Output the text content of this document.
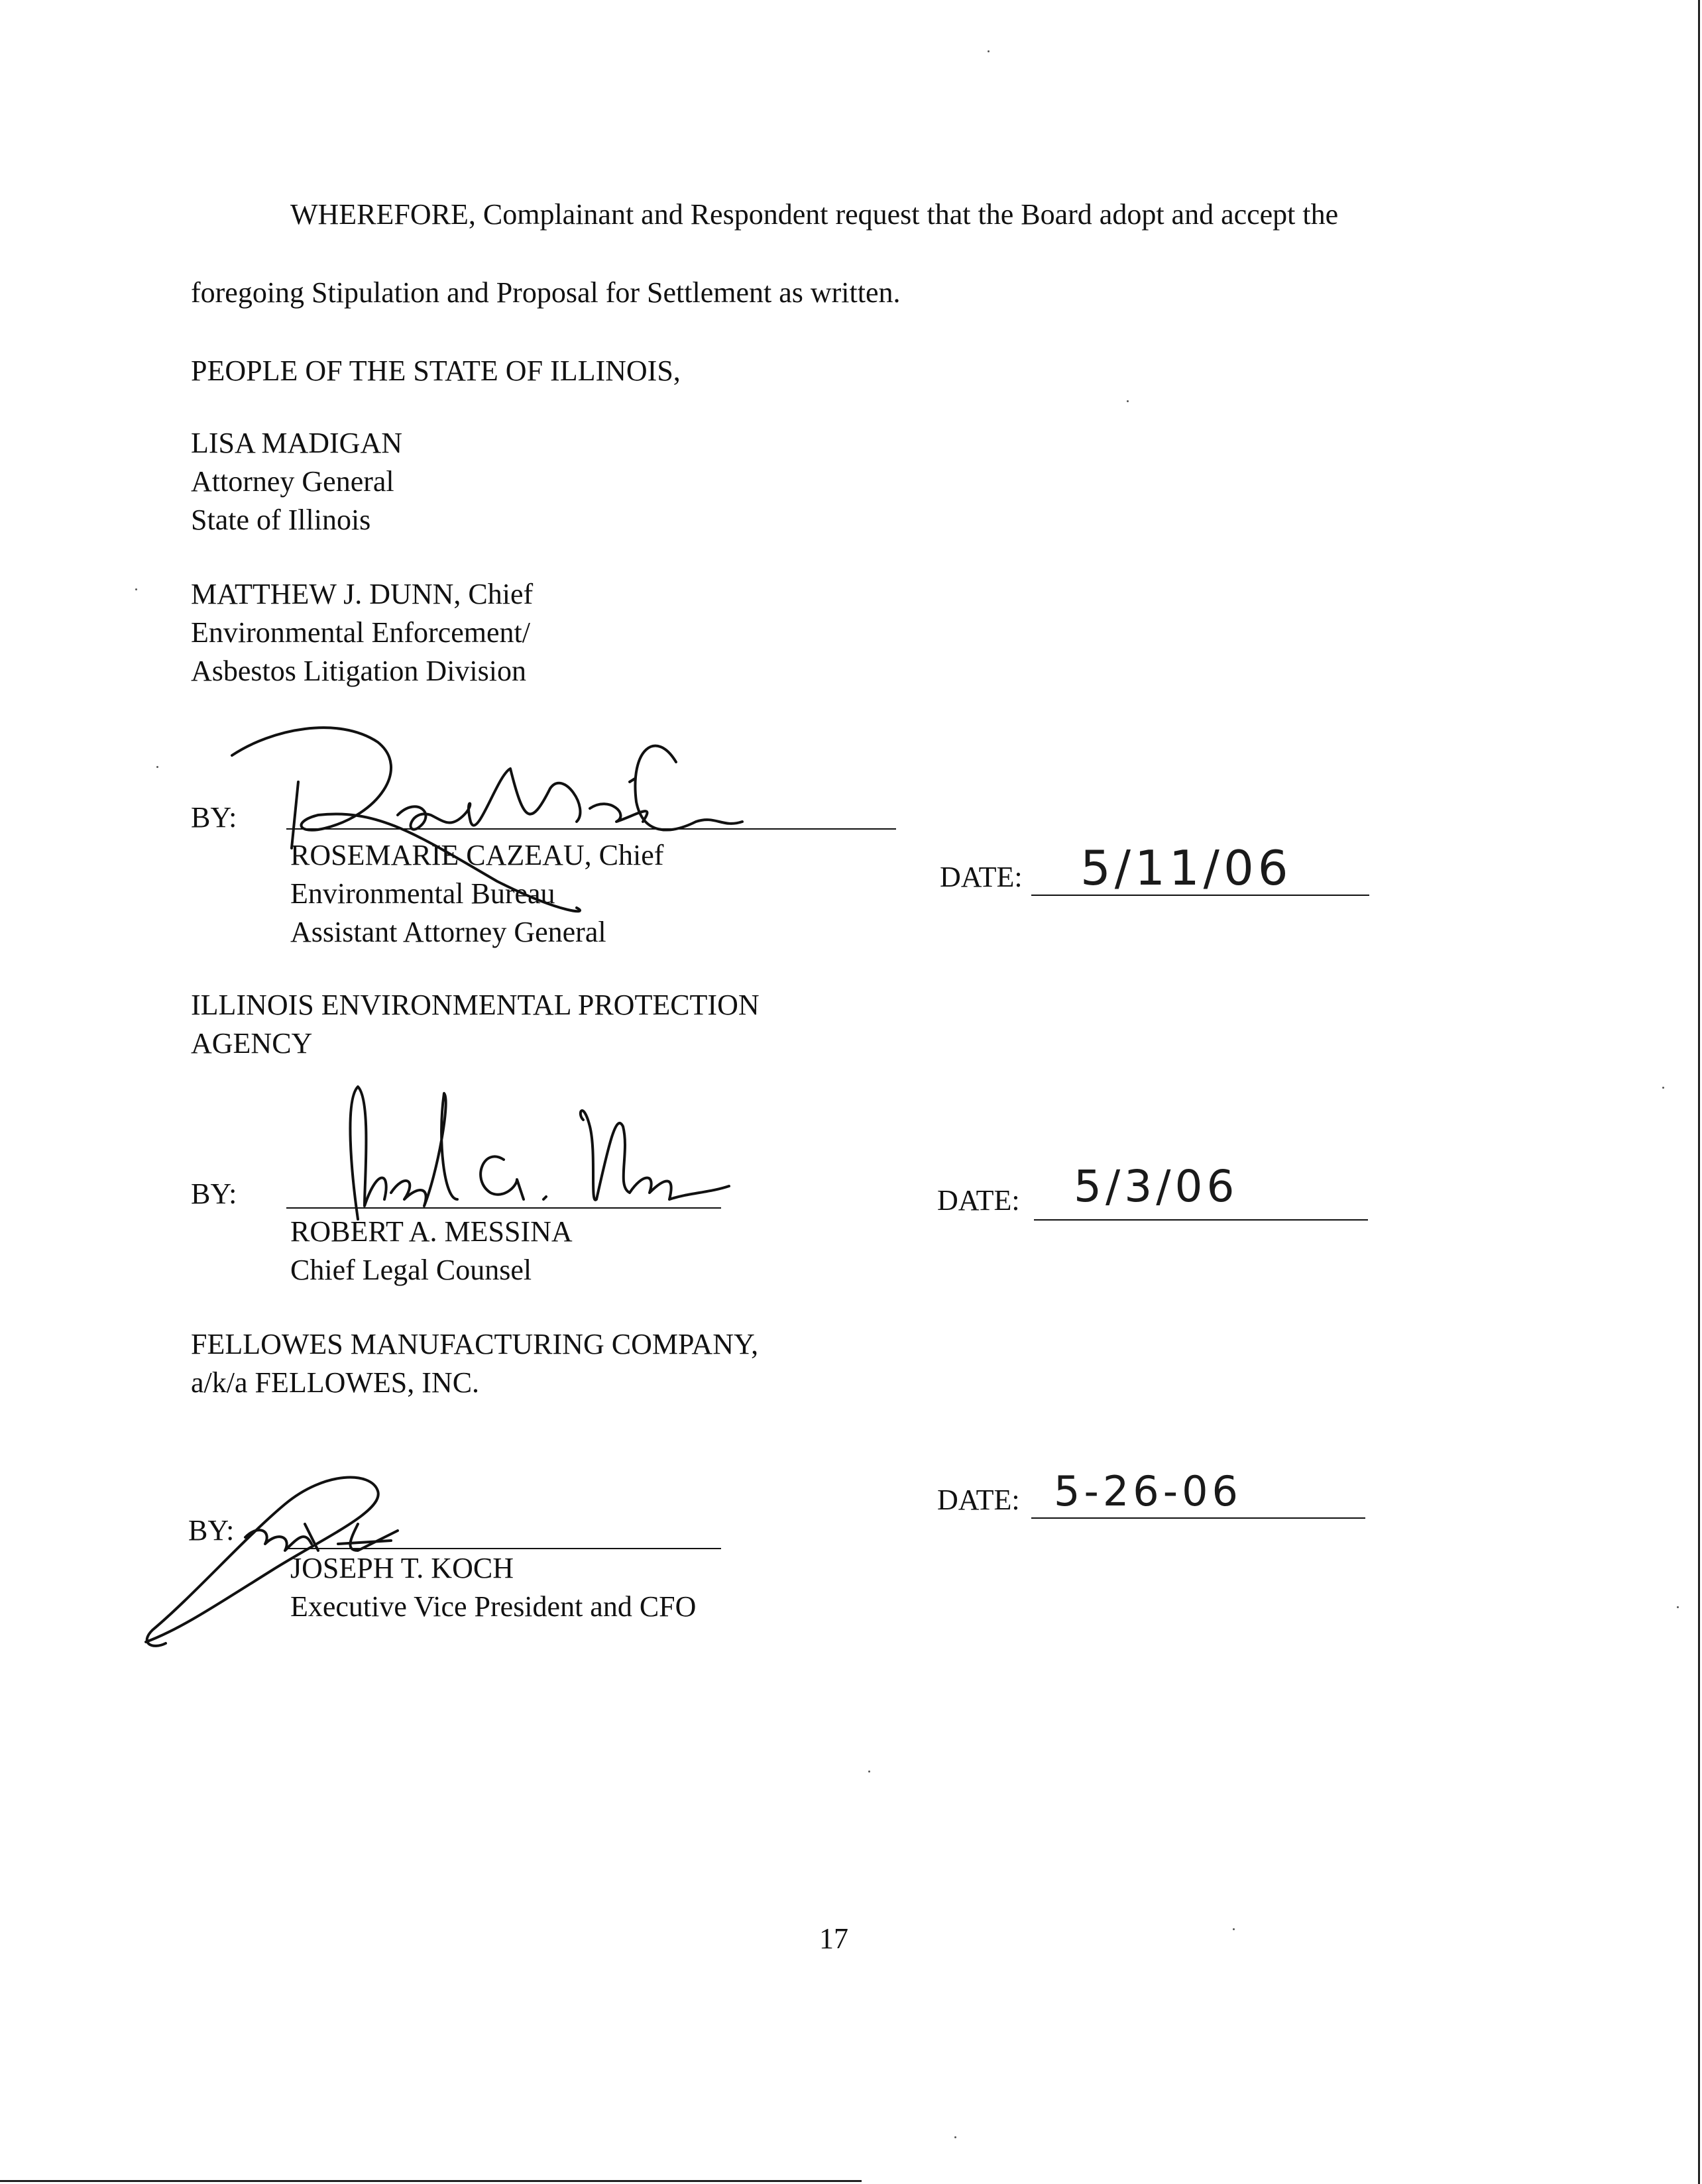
WHEREFORE, Complainant and Respondent request that the Board adopt and accept the

foregoing Stipulation and Proposal for Settlement as written.

PEOPLE OF THE STATE OF ILLINOIS,

LISA MADIGAN
Attorney General
State of Illinois
MATTHEW J. DUNN, Chief
Environmental Enforcement/
Asbestos Litigation Division

BY:

ROSEMARIE CAZEAU, Chief
Environmental Bureau
Assistant Attorney General

DATE: 5/11/06
ILLINOIS ENVIRONMENTAL PROTECTION
AGENCY

BY:

ROBERT A. MESSINA
Chief Legal Counsel

DATE: 5/3/06
FELLOWES MANUFACTURING COMPANY,
a/k/a FELLOWES, INC.

BY:

JOSEPH T. KOCH
Executive Vice President and CFO

DATE: 5-26-06

17
